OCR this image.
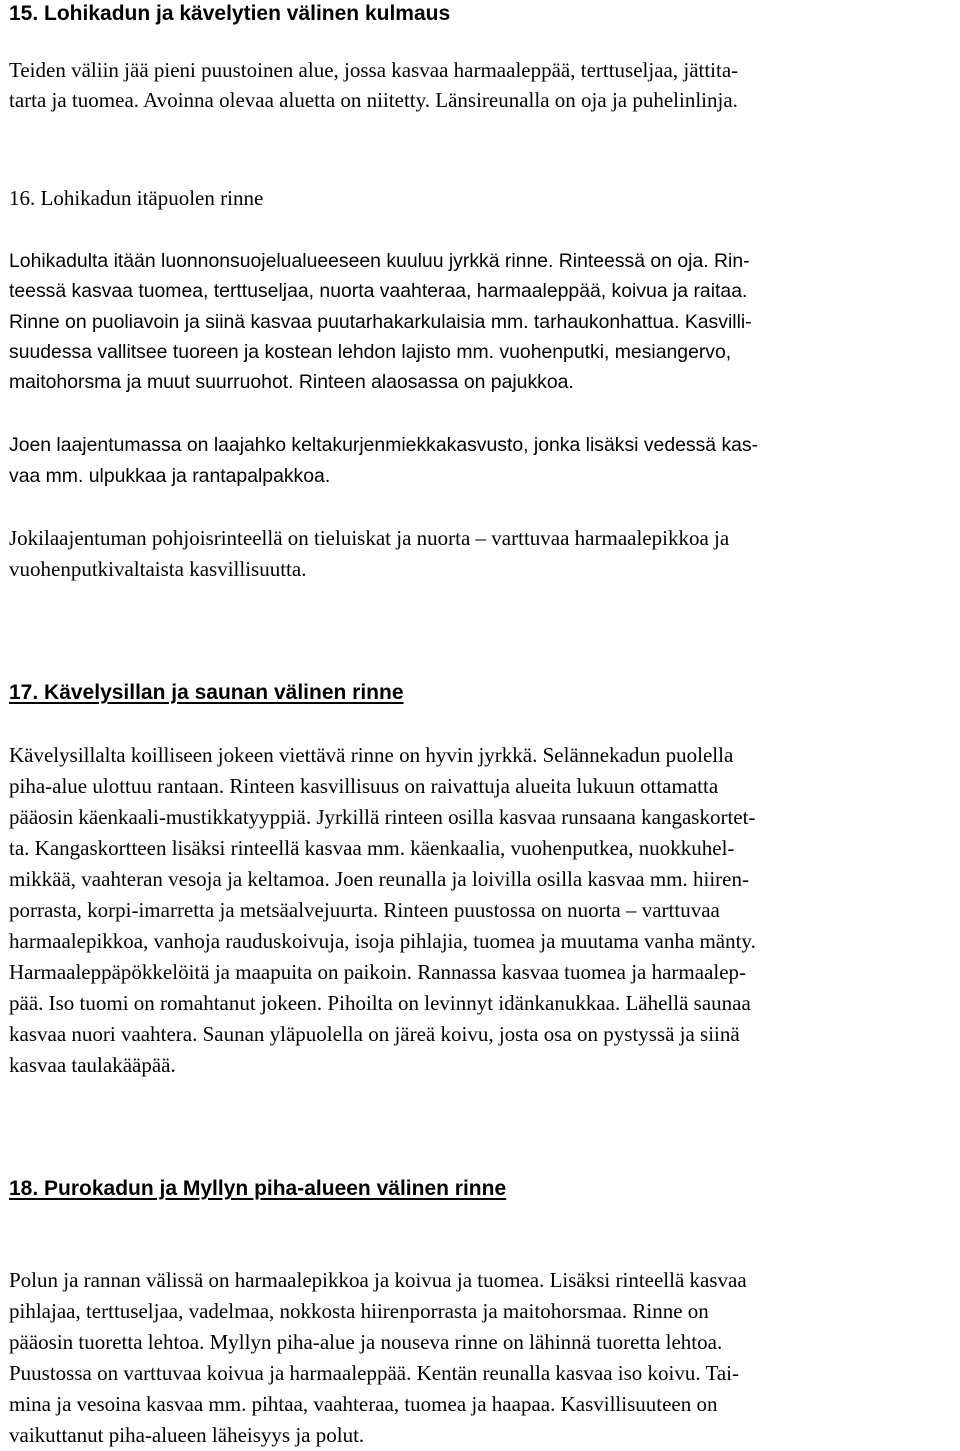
15. Lohikadun ja kävelytien välinen kulmaus

Teiden väliin jää pieni puustoinen alue, jossa kasvaa harmaaleppää, terttuseljaa, jättita-

tarta ja tuomea. Avoinna olevaa aluetta on niitetty. Länsireunalla on oja ja puhelinlinja.

16. Lohikadun itäpuolen rinne

Lohikadulta itään luonnonsuojelualueeseen kuuluu jyrkkä rinne. Rinteessä on oja. Rin-

teessä kasvaa tuomea, terttuseljaa, nuorta vaahteraa, harmaaleppää, koivua ja raitaa.

Rinne on puoliavoin ja siinä kasvaa puutarhakarkulaisia mm. tarhaukonhattua. Kasvilli-

suudessa vallitsee tuoreen ja kostean lehdon lajisto mm. vuohenputki, mesiangervo,

maitohorsma ja muut suurruohot. Rinteen alaosassa on pajukkoa.

Joen laajentumassa on laajahko keltakurjenmiekkakasvusto, jonka lisäksi vedessä kas-

vaa mm. ulpukkaa ja rantapalpakkoa.

Jokilaajentuman pohjoisrinteellä on tieluiskat ja nuorta – varttuvaa harmaalepikkoa ja

vuohenputkivaltaista kasvillisuutta.

17. Kävelysillan ja saunan välinen rinne

Kävelysillalta koilliseen jokeen viettävä rinne on hyvin jyrkkä. Selännekadun puolella

piha-alue ulottuu rantaan. Rinteen kasvillisuus on raivattuja alueita lukuun ottamatta

pääosin käenkaali-mustikkatyyppiä. Jyrkillä rinteen osilla kasvaa runsaana kangaskortet-

ta. Kangaskortteen lisäksi rinteellä kasvaa mm. käenkaalia, vuohenputkea, nuokkuhel-

mikkää, vaahteran vesoja ja keltamoa. Joen reunalla ja loivilla osilla kasvaa mm. hiiren-

porrasta, korpi-imarretta ja metsäalvejuurta. Rinteen puustossa on nuorta – varttuvaa

harmaalepikkoa, vanhoja rauduskoivuja, isoja pihlajia, tuomea ja muutama vanha mänty.

Harmaaleppäpökkelöitä ja maapuita on paikoin. Rannassa kasvaa tuomea ja harmaalep-

pää. Iso tuomi on romahtanut jokeen. Pihoilta on levinnyt idänkanukkaa. Lähellä saunaa

kasvaa nuori vaahtera. Saunan yläpuolella on järeä koivu, josta osa on pystyssä ja siinä

kasvaa taulakääpää.

18. Purokadun ja Myllyn piha-alueen välinen rinne

Polun ja rannan välissä on harmaalepikkoa ja koivua ja tuomea. Lisäksi rinteellä kasvaa

pihlajaa, terttuseljaa, vadelmaa, nokkosta hiirenporrasta ja maitohorsmaa. Rinne on

pääosin tuoretta lehtoa. Myllyn piha-alue ja nouseva rinne on lähinnä tuoretta lehtoa.

Puustossa on varttuvaa koivua ja harmaaleppää. Kentän reunalla kasvaa iso koivu. Tai-

mina ja vesoina kasvaa mm. pihtaa, vaahteraa, tuomea ja haapaa. Kasvillisuuteen on

vaikuttanut piha-alueen läheisyys ja polut.
